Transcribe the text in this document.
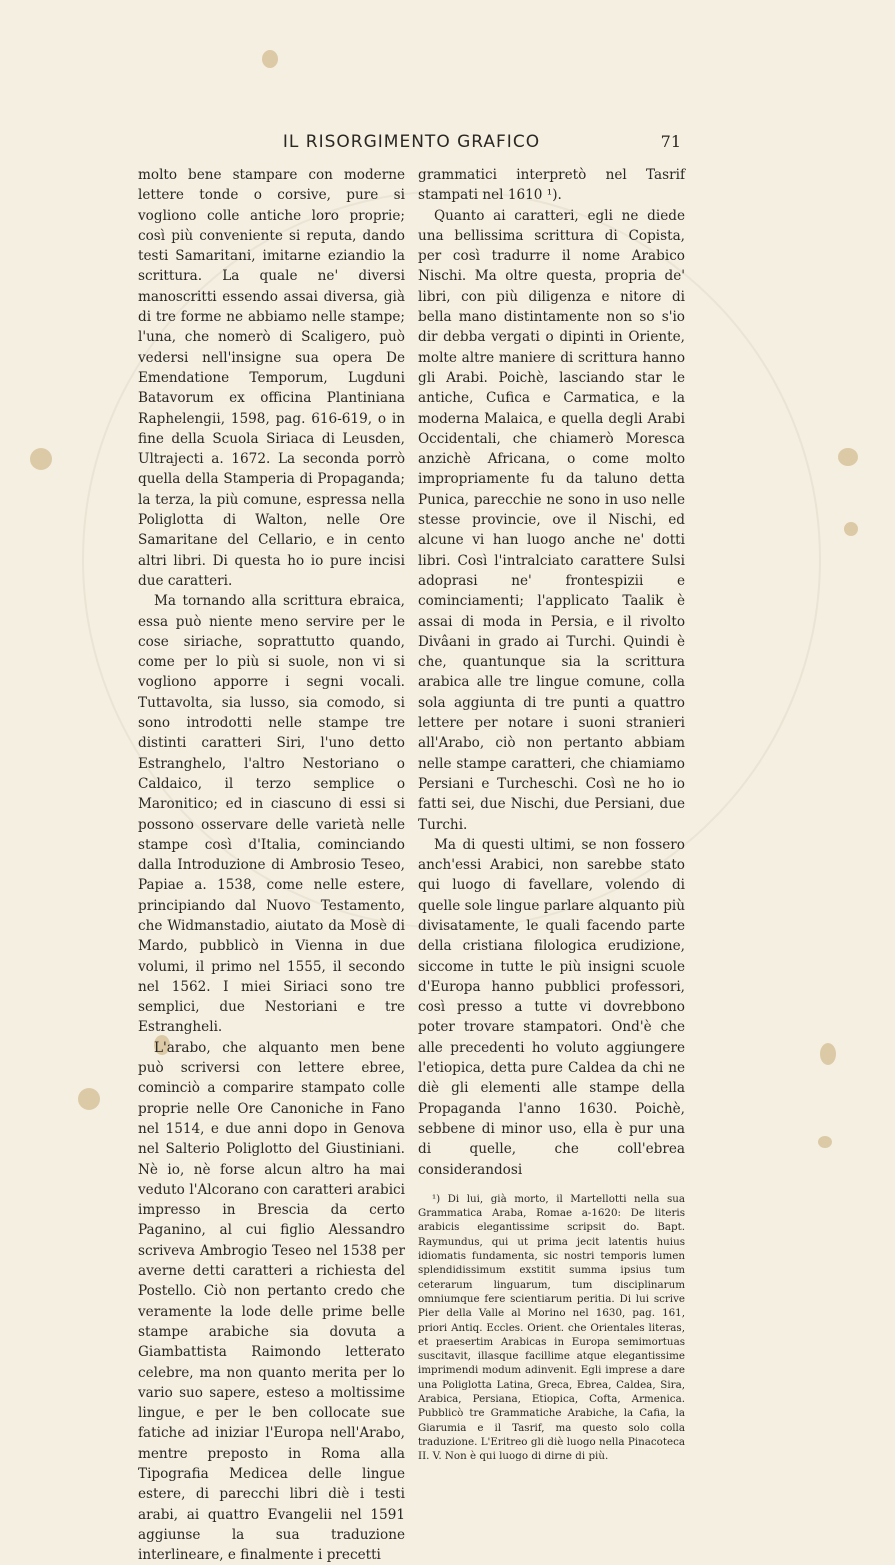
IL RISORGIMENTO GRAFICO	71

molto bene stampare con moderne lettere tonde o corsive, pure si vogliono colle antiche loro proprie; così più conveniente si reputa, dando testi Samaritani, imitarne eziandio la scrittura. La quale ne' diversi manoscritti essendo assai diversa, già di tre forme ne abbiamo nelle stampe; l'una, che nomerò di Scaligero, può vedersi nell'insigne sua opera De Emendatione Temporum, Lugduni Batavorum ex officina Plantiniana Raphelengii, 1598, pag. 616-619, o in fine della Scuola Siriaca di Leusden, Ultrajecti a. 1672. La seconda porrò quella della Stamperia di Propaganda; la terza, la più comune, espressa nella Poliglotta di Walton, nelle Ore Samaritane del Cellario, e in cento altri libri. Di questa ho io pure incisi due caratteri.

Ma tornando alla scrittura ebraica, essa può niente meno servire per le cose siriache, soprattutto quando, come per lo più si suole, non vi si vogliono apporre i segni vocali. Tuttavolta, sia lusso, sia comodo, si sono introdotti nelle stampe tre distinti caratteri Siri, l'uno detto Estranghelo, l'altro Nestoriano o Caldaico, il terzo semplice o Maronitico; ed in ciascuno di essi si possono osservare delle varietà nelle stampe così d'Italia, cominciando dalla Introduzione di Ambrosio Teseo, Papiae a. 1538, come nelle estere, principiando dal Nuovo Testamento, che Widmanstadio, aiutato da Mosè di Mardo, pubblicò in Vienna in due volumi, il primo nel 1555, il secondo nel 1562. I miei Siriaci sono tre semplici, due Nestoriani e tre Estrangheli.

L'arabo, che alquanto men bene può scriversi con lettere ebree, cominciò a comparire stampato colle proprie nelle Ore Canoniche in Fano nel 1514, e due anni dopo in Genova nel Salterio Poliglotto del Giustiniani. Nè io, nè forse alcun altro ha mai veduto l'Alcorano con caratteri arabici impresso in Brescia da certo Paganino, al cui figlio Alessandro scriveva Ambrogio Teseo nel 1538 per averne detti caratteri a richiesta del Postello. Ciò non pertanto credo che veramente la lode delle prime belle stampe arabiche sia dovuta a Giambattista Raimondo letterato celebre, ma non quanto merita per lo vario suo sapere, esteso a moltissime lingue, e per le ben collocate sue fatiche ad iniziar l'Europa nell'Arabo, mentre preposto in Roma alla Tipografia Medicea delle lingue estere, di parecchi libri diè i testi arabi, ai quattro Evangelii nel 1591 aggiunse la sua traduzione interlineare, e finalmente i precetti

grammatici interpretò nel Tasrif stampati nel 1610 ¹).

Quanto ai caratteri, egli ne diede una bellissima scrittura di Copista, per così tradurre il nome Arabico Nischi. Ma oltre questa, propria de' libri, con più diligenza e nitore di bella mano distintamente non so s'io dir debba vergati o dipinti in Oriente, molte altre maniere di scrittura hanno gli Arabi. Poichè, lasciando star le antiche, Cufica e Carmatica, e la moderna Malaica, e quella degli Arabi Occidentali, che chiamerò Moresca anzichè Africana, o come molto impropriamente fu da taluno detta Punica, parecchie ne sono in uso nelle stesse provincie, ove il Nischi, ed alcune vi han luogo anche ne' dotti libri. Così l'intralciato carattere Sulsi adoprasi ne' frontespizii e cominciamenti; l'applicato Taalik è assai di moda in Persia, e il rivolto Divâani in grado ai Turchi. Quindi è che, quantunque sia la scrittura arabica alle tre lingue comune, colla sola aggiunta di tre punti a quattro lettere per notare i suoni stranieri all'Arabo, ciò non pertanto abbiam nelle stampe caratteri, che chiamiamo Persiani e Turcheschi. Così ne ho io fatti sei, due Nischi, due Persiani, due Turchi.

Ma di questi ultimi, se non fossero anch'essi Arabici, non sarebbe stato qui luogo di favellare, volendo di quelle sole lingue parlare alquanto più divisatamente, le quali facendo parte della cristiana filologica erudizione, siccome in tutte le più insigni scuole d'Europa hanno pubblici professori, così presso a tutte vi dovrebbono poter trovare stampatori. Ond'è che alle precedenti ho voluto aggiungere l'etiopica, detta pure Caldea da chi ne diè gli elementi alle stampe della Propaganda l'anno 1630. Poichè, sebbene di minor uso, ella è pur una di quelle, che coll'ebrea considerandosi

¹) Di lui, già morto, il Martellotti nella sua Grammatica Araba, Romae a-1620: De literis arabicis elegantissime scripsit do. Bapt. Raymundus, qui ut prima jecit latentis huius idiomatis fundamenta, sic nostri temporis lumen splendidissimum exstitit summa ipsius tum ceterarum linguarum, tum disciplinarum omniumque fere scientiarum peritia. Di lui scrive Pier della Valle al Morino nel 1630, pag. 161, priori Antiq. Eccles. Orient. che Orientales literas, et praesertim Arabicas in Europa semimortuas suscitavit, illasque facillime atque elegantissime imprimendi modum adinvenit. Egli imprese a dare una Poliglotta Latina, Greca, Ebrea, Caldea, Sira, Arabica, Persiana, Etiopica, Cofta, Armenica. Pubblicò tre Grammatiche Arabiche, la Cafia, la Giarumia e il Tasrif, ma questo solo colla traduzione. L'Eritreo gli diè luogo nella Pinacoteca II. V. Non è qui luogo di dirne di più.
